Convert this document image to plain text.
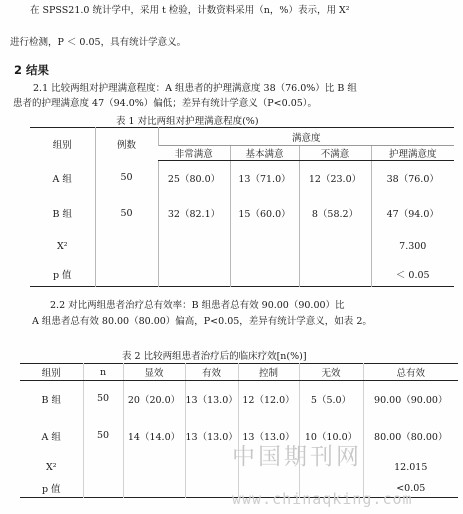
在 SPSS21.0 统计学中，采用 t 检验，计数资料采用（n，%）表示，用 X²
进行检测，P ＜ 0.05，具有统计学意义。
2 结果
2.1 比较两组对护理满意程度：A 组患者的护理满意度 38（76.0%）比 B 组
患者的护理满意度 47（94.0%）偏低；差异有统计学意义（P<0.05）。
表 1 对比两组对护理满意程度(%)
组别	例数	满意度			
		非常满意	基本满意	不满意	护理满意度
A 组	50	25（80.0）	13（71.0）	12（23.0）	38（76.0）
B 组	50	32（82.1）	15（60.0）	8（58.2）	47（94.0）
X²					7.300
p 值					＜ 0.05
2.2 对比两组患者治疗总有效率：B 组患者总有效 90.00（90.00）比
A 组患者总有效 80.00（80.00）偏高，P<0.05，差异有统计学意义，如表 2。
表 2 比较两组患者治疗后的临床疗效[n(%)]
组别	n	显效	有效	控制	无效	总有效
B 组	50	20（20.0）	13（13.0）	12（12.0）	5（5.0）	90.00（90.00）
A 组	50	14（14.0）	13（13.0）	13（13.0）	10（10.0）	80.00（80.00）
X²						12.015
p 值						<0.05
中国期刊网
www.chinaqking.com
